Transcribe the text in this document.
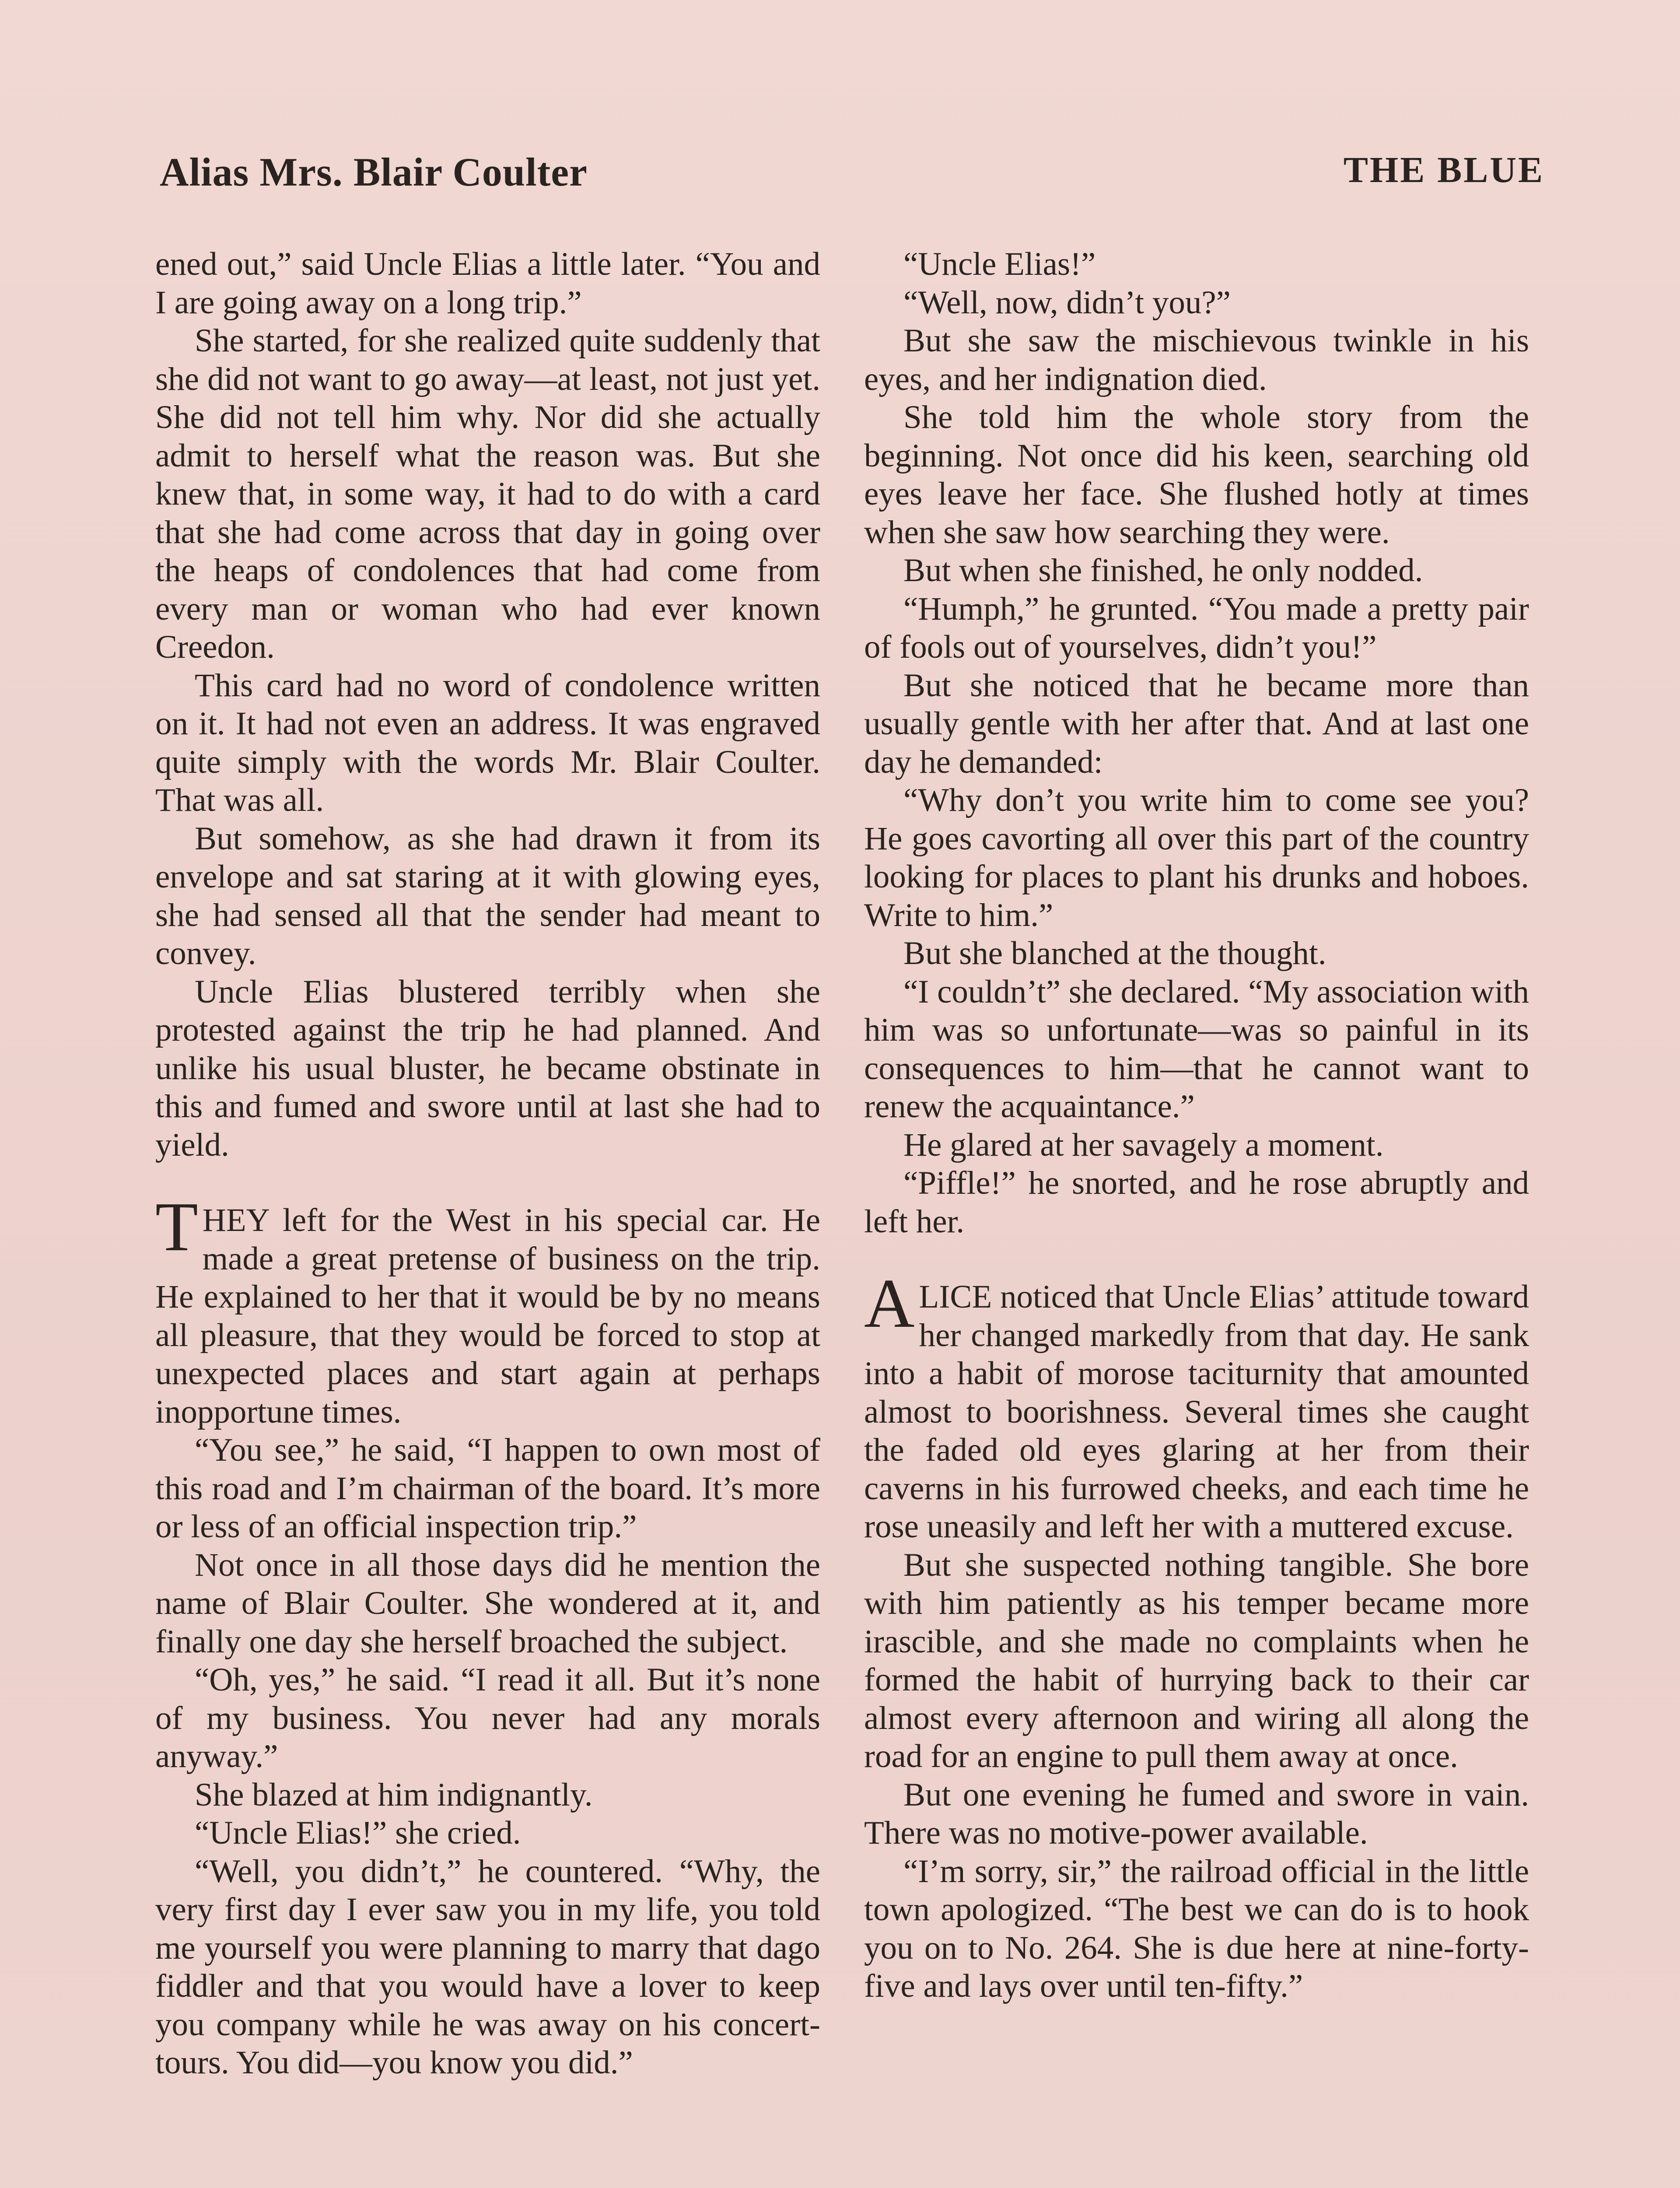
Alias Mrs. Blair Coulter	THE BLUE

ened out,” said Uncle Elias a little later. “You and I are going away on a long trip.”

She started, for she realized quite suddenly that she did not want to go away—at least, not just yet. She did not tell him why. Nor did she actually admit to herself what the reason was. But she knew that, in some way, it had to do with a card that she had come across that day in going over the heaps of condolences that had come from every man or woman who had ever known Creedon.

This card had no word of condolence written on it. It had not even an address. It was engraved quite simply with the words Mr. Blair Coulter. That was all.

But somehow, as she had drawn it from its envelope and sat staring at it with glowing eyes, she had sensed all that the sender had meant to convey.

Uncle Elias blustered terribly when she protested against the trip he had planned. And unlike his usual bluster, he became obstinate in this and fumed and swore until at last she had to yield.

THEY left for the West in his special car. He made a great pretense of business on the trip. He explained to her that it would be by no means all pleasure, that they would be forced to stop at unexpected places and start again at perhaps inopportune times.

“You see,” he said, “I happen to own most of this road and I’m chairman of the board. It’s more or less of an official inspection trip.”

Not once in all those days did he mention the name of Blair Coulter. She wondered at it, and finally one day she herself broached the subject.

“Oh, yes,” he said. “I read it all. But it’s none of my business. You never had any morals anyway.”

She blazed at him indignantly.

“Uncle Elias!” she cried.

“Well, you didn’t,” he countered. “Why, the very first day I ever saw you in my life, you told me yourself you were planning to marry that dago fiddler and that you would have a lover to keep you company while he was away on his concert-tours. You did—you know you did.”

“Uncle Elias!”

“Well, now, didn’t you?”

But she saw the mischievous twinkle in his eyes, and her indignation died.

She told him the whole story from the beginning. Not once did his keen, searching old eyes leave her face. She flushed hotly at times when she saw how searching they were.

But when she finished, he only nodded.

“Humph,” he grunted. “You made a pretty pair of fools out of yourselves, didn’t you!”

But she noticed that he became more than usually gentle with her after that. And at last one day he demanded:

“Why don’t you write him to come see you? He goes cavorting all over this part of the country looking for places to plant his drunks and hoboes. Write to him.”

But she blanched at the thought.

“I couldn’t” she declared. “My association with him was so unfortunate—was so painful in its consequences to him—that he cannot want to renew the acquaintance.”

He glared at her savagely a moment.

“Piffle!” he snorted, and he rose abruptly and left her.

ALICE noticed that Uncle Elias’ attitude toward her changed markedly from that day. He sank into a habit of morose taciturnity that amounted almost to boorishness. Several times she caught the faded old eyes glaring at her from their caverns in his furrowed cheeks, and each time he rose uneasily and left her with a muttered excuse.

But she suspected nothing tangible. She bore with him patiently as his temper became more irascible, and she made no complaints when he formed the habit of hurrying back to their car almost every afternoon and wiring all along the road for an engine to pull them away at once.

But one evening he fumed and swore in vain. There was no motive-power available.

“I’m sorry, sir,” the railroad official in the little town apologized. “The best we can do is to hook you on to No. 264. She is due here at nine-forty-five and lays over until ten-fifty.”
